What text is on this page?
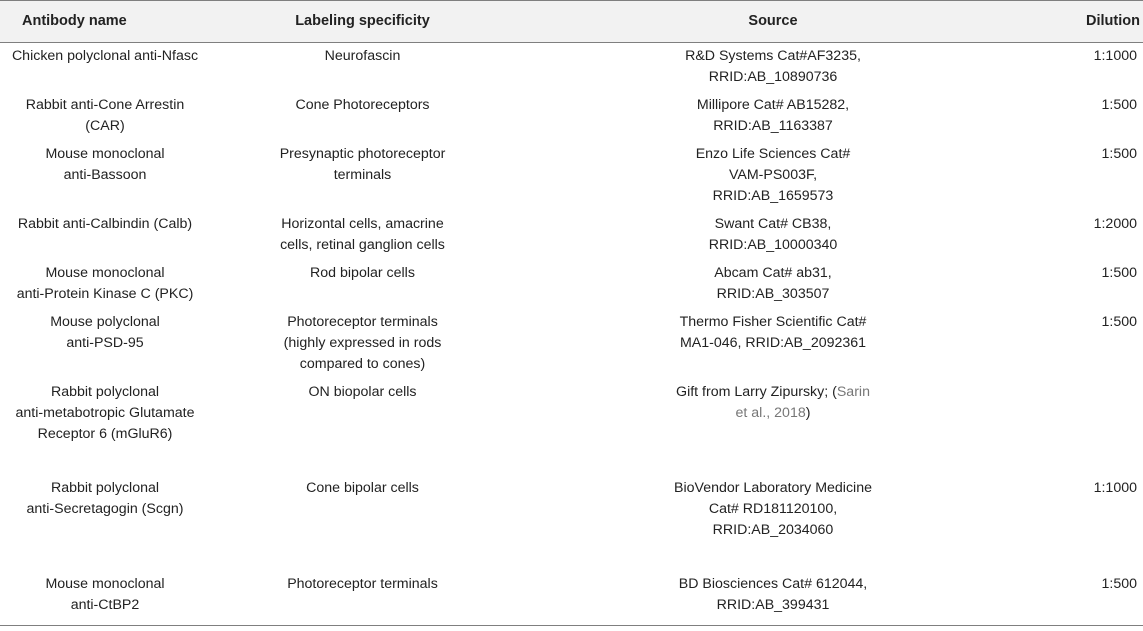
Antibody name	Labeling specificity	Source	Dilution
Chicken polyclonal anti-Nfasc	Neurofascin	R&D Systems Cat#AF3235,
RRID:AB_10890736	1:1000
Rabbit anti-Cone Arrestin
(CAR)	Cone Photoreceptors	Millipore Cat# AB15282,
RRID:AB_1163387	1:500
Mouse monoclonal
anti-Bassoon	Presynaptic photoreceptor
terminals	Enzo Life Sciences Cat#
VAM-PS003F,
RRID:AB_1659573	1:500
Rabbit anti-Calbindin (Calb)	Horizontal cells, amacrine
cells, retinal ganglion cells	Swant Cat# CB38,
RRID:AB_10000340	1:2000
Mouse monoclonal
anti-Protein Kinase C (PKC)	Rod bipolar cells	Abcam Cat# ab31,
RRID:AB_303507	1:500
Mouse polyclonal
anti-PSD-95	Photoreceptor terminals
(highly expressed in rods
compared to cones)	Thermo Fisher Scientific Cat#
MA1-046, RRID:AB_2092361	1:500
Rabbit polyclonal
anti-metabotropic Glutamate
Receptor 6 (mGluR6)	ON biopolar cells	Gift from Larry Zipursky; (Sarin
et al., 2018)	
Rabbit polyclonal
anti-Secretagogin (Scgn)	Cone bipolar cells	BioVendor Laboratory Medicine
Cat# RD181120100,
RRID:AB_2034060	1:1000
Mouse monoclonal
anti-CtBP2	Photoreceptor terminals	BD Biosciences Cat# 612044,
RRID:AB_399431	1:500
